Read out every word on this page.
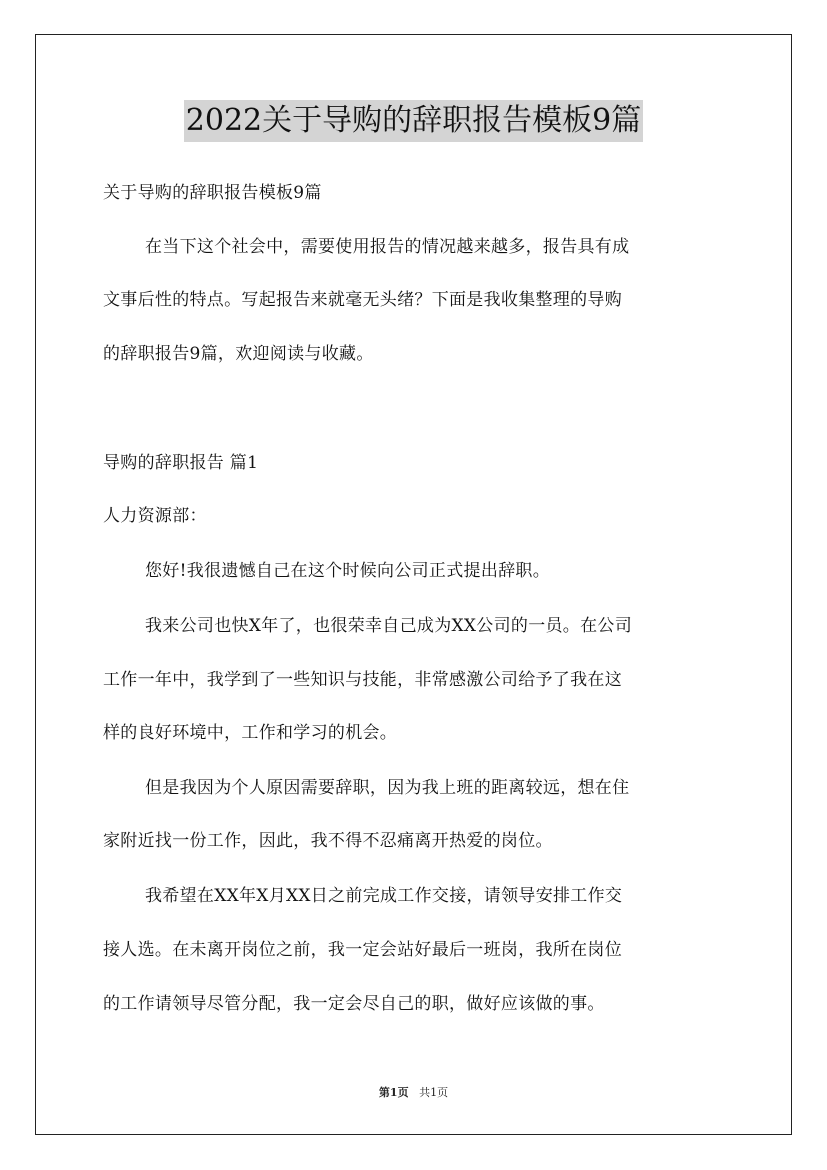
2022关于导购的辞职报告模板9篇
关于导购的辞职报告模板9篇
在当下这个社会中，需要使用报告的情况越来越多，报告具有成
文事后性的特点。写起报告来就毫无头绪？下面是我收集整理的导购
的辞职报告9篇，欢迎阅读与收藏。
导购的辞职报告 篇1
人力资源部：
您好!我很遗憾自己在这个时候向公司正式提出辞职。
我来公司也快X年了，也很荣幸自己成为XX公司的一员。在公司
工作一年中，我学到了一些知识与技能，非常感激公司给予了我在这
样的良好环境中，工作和学习的机会。
但是我因为个人原因需要辞职，因为我上班的距离较远，想在住
家附近找一份工作，因此，我不得不忍痛离开热爱的岗位。
我希望在XX年X月XX日之前完成工作交接，请领导安排工作交
接人选。在未离开岗位之前，我一定会站好最后一班岗，我所在岗位
的工作请领导尽管分配，我一定会尽自己的职，做好应该做的事。
第1页 共1页
